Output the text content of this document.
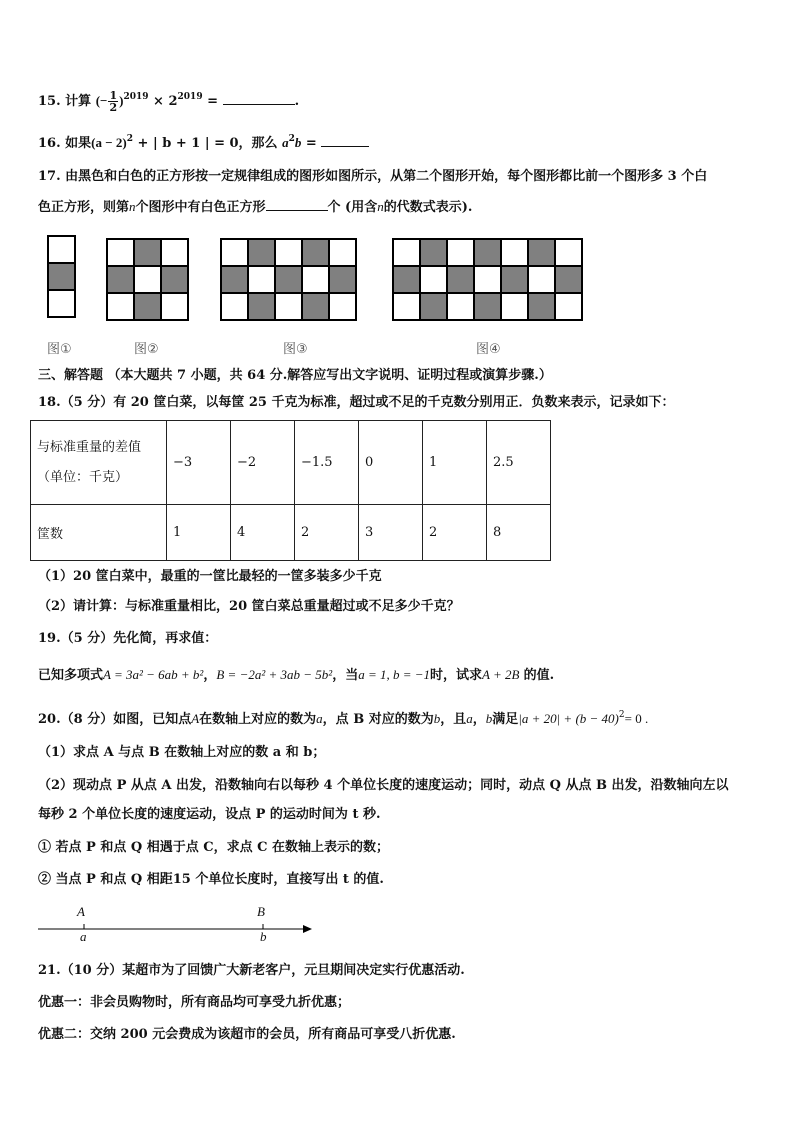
15. 计算 (− $\frac{1}{2} )^{2019} \times 2^{2019}$ =	.
16. 如果$(a - 2)^2$ + | b + 1 | = 0，那么 $a^2b$ =
17. 由黑色和白色的正方形按一定规律组成的图形如图所示，从第二个图形开始，每个图形都比前一个图形多 3 个白
色正方形，则第n个图形中有白色正方形	个 (用含n的代数式表示).
图①	图②	图③	图④
三、解答题 （本大题共 7 小题，共 64 分.解答应写出文字说明、证明过程或演算步骤.）
18.（5 分）有 20 筐白菜，以每筐 25 千克为标准，超过或不足的千克数分别用正．负数来表示，记录如下：
与标准重量的差值
（单位：千克）	−3	−2	−1.5	0	1	2.5
筐数	1	4	2	3	2	8
（1）20 筐白菜中，最重的一筐比最轻的一筐多装多少千克
（2）请计算：与标准重量相比，20 筐白菜总重量超过或不足多少千克？
19.（5 分）先化简，再求值：
已知多项式A = 3a² − 6ab + b²，B = −2a² + 3ab − 5b²，当a = 1, b = −1时，试求A + 2B 的值.
20.（8 分）如图，已知点A在数轴上对应的数为a，点 B 对应的数为b，且a，b满足$|a + 20| + (b - 40)^2= 0$ .
（1）求点 A 与点 B 在数轴上对应的数 a 和 b；
（2）现动点 P 从点 A 出发，沿数轴向右以每秒 4 个单位长度的速度运动；同时，动点 Q 从点 B 出发，沿数轴向左以
每秒 2 个单位长度的速度运动，设点 P 的运动时间为 t 秒.
① 若点 P 和点 Q 相遇于点 C，求点 C 在数轴上表示的数；
② 当点 P 和点 Q 相距15 个单位长度时，直接写出 t 的值.
A
a
B
b
21.（10 分）某超市为了回馈广大新老客户，元旦期间决定实行优惠活动.
优惠一：非会员购物时，所有商品均可享受九折优惠；
优惠二：交纳 200 元会费成为该超市的会员，所有商品可享受八折优惠.
